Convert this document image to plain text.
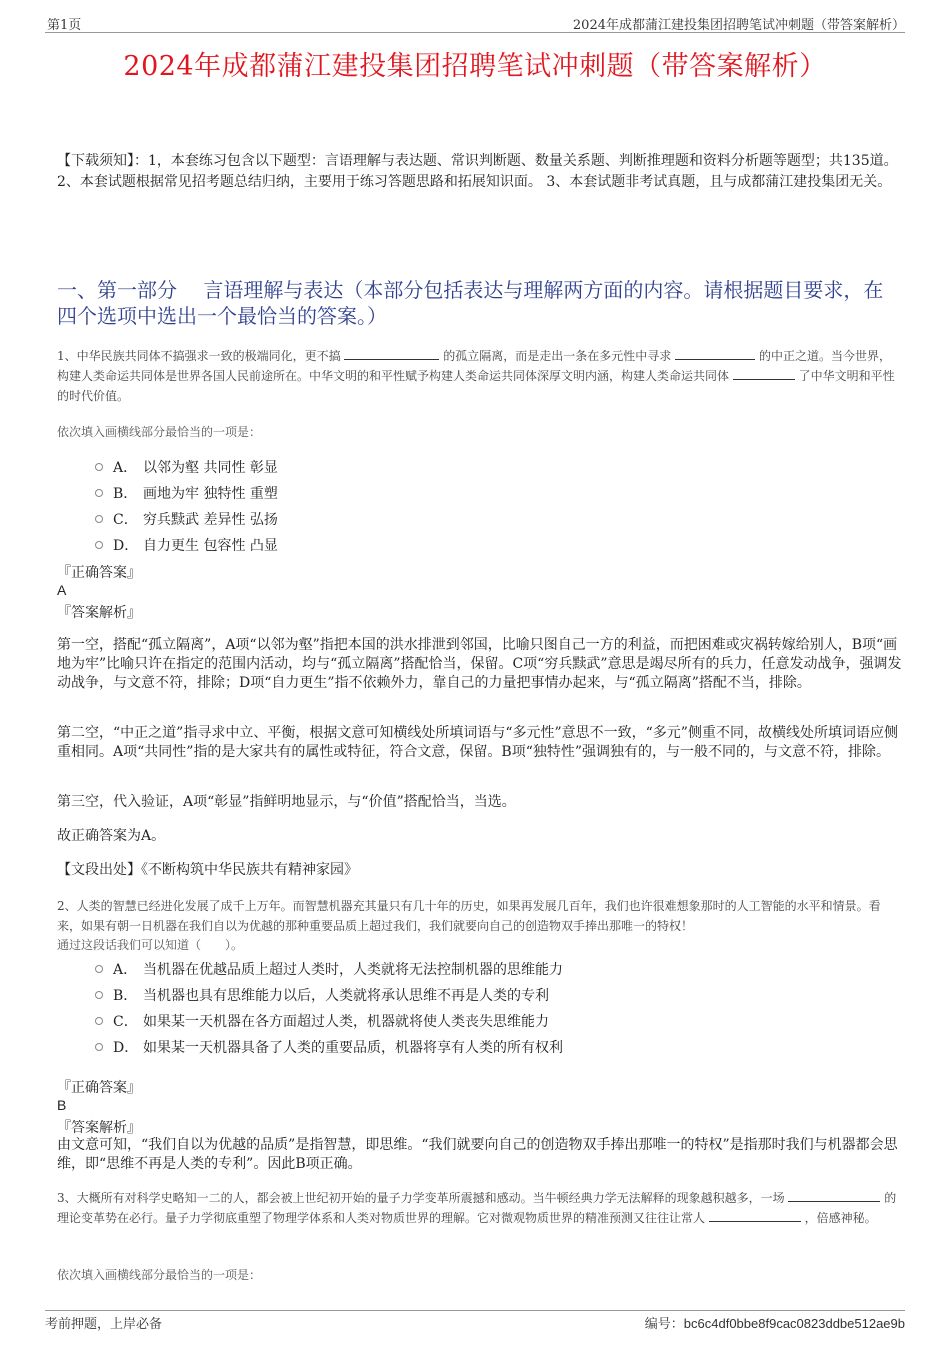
第1页	2024年成都蒲江建投集团招聘笔试冲刺题（带答案解析）
2024年成都蒲江建投集团招聘笔试冲刺题（带答案解析）
【下载须知】：1，本套练习包含以下题型：言语理解与表达题、常识判断题、数量关系题、判断推理题和资料分析题等题型；共135道。 2、本套试题根据常见招考题总结归纳，主要用于练习答题思路和拓展知识面。 3、本套试题非考试真题，且与成都蒲江建投集团无关。
一、第一部分　 言语理解与表达（本部分包括表达与理解两方面的内容。请根据题目要求，在四个选项中选出一个最恰当的答案。）
1、中华民族共同体不搞强求一致的极端同化，更不搞	的孤立隔离，而是走出一条在多元性中寻求	的中正之道。当今世界，构建人类命运共同体是世界各国人民前途所在。中华文明的和平性赋予构建人类命运共同体深厚文明内涵，构建人类命运共同体	了中华文明和平性的时代价值。
依次填入画横线部分最恰当的一项是：
A． 以邻为壑 共同性 彰显
B． 画地为牢 独特性 重塑
C． 穷兵黩武 差异性 弘扬
D． 自力更生 包容性 凸显
『正确答案』
A
『答案解析』
第一空，搭配“孤立隔离”，A项“以邻为壑”指把本国的洪水排泄到邻国，比喻只图自己一方的利益，而把困难或灾祸转嫁给别人，B项“画地为牢”比喻只许在指定的范围内活动，均与“孤立隔离”搭配恰当，保留。C项“穷兵黩武”意思是竭尽所有的兵力，任意发动战争，强调发动战争，与文意不符，排除；D项“自力更生”指不依赖外力，靠自己的力量把事情办起来，与“孤立隔离”搭配不当，排除。
第二空，“中正之道”指寻求中立、平衡，根据文意可知横线处所填词语与“多元性”意思不一致，“多元”侧重不同，故横线处所填词语应侧重相同。A项“共同性”指的是大家共有的属性或特征，符合文意，保留。B项“独特性”强调独有的，与一般不同的，与文意不符，排除。
第三空，代入验证，A项“彰显”指鲜明地显示，与“价值”搭配恰当，当选。
故正确答案为A。
【文段出处】《不断构筑中华民族共有精神家园》
2、人类的智慧已经进化发展了成千上万年。而智慧机器充其量只有几十年的历史，如果再发展几百年，我们也许很难想象那时的人工智能的水平和情景。看来，如果有朝一日机器在我们自以为优越的那种重要品质上超过我们，我们就要向自己的创造物双手捧出那唯一的特权！
通过这段话我们可以知道（　　）。
A． 当机器在优越品质上超过人类时，人类就将无法控制机器的思维能力
B． 当机器也具有思维能力以后，人类就将承认思维不再是人类的专利
C． 如果某一天机器在各方面超过人类，机器就将使人类丧失思维能力
D． 如果某一天机器具备了人类的重要品质，机器将享有人类的所有权利
『正确答案』
B
『答案解析』
由文意可知，“我们自以为优越的品质”是指智慧，即思维。“我们就要向自己的创造物双手捧出那唯一的特权”是指那时我们与机器都会思维，即“思维不再是人类的专利”。因此B项正确。
3、大概所有对科学史略知一二的人，都会被上世纪初开始的量子力学变革所震撼和感动。当牛顿经典力学无法解释的现象越积越多，一场	的理论变革势在必行。量子力学彻底重塑了物理学体系和人类对物质世界的理解。它对微观物质世界的精准预测又往往让常人	，倍感神秘。
依次填入画横线部分最恰当的一项是：
考前押题，上岸必备	编号：bc6c4df0bbe8f9cac0823ddbe512ae9b
